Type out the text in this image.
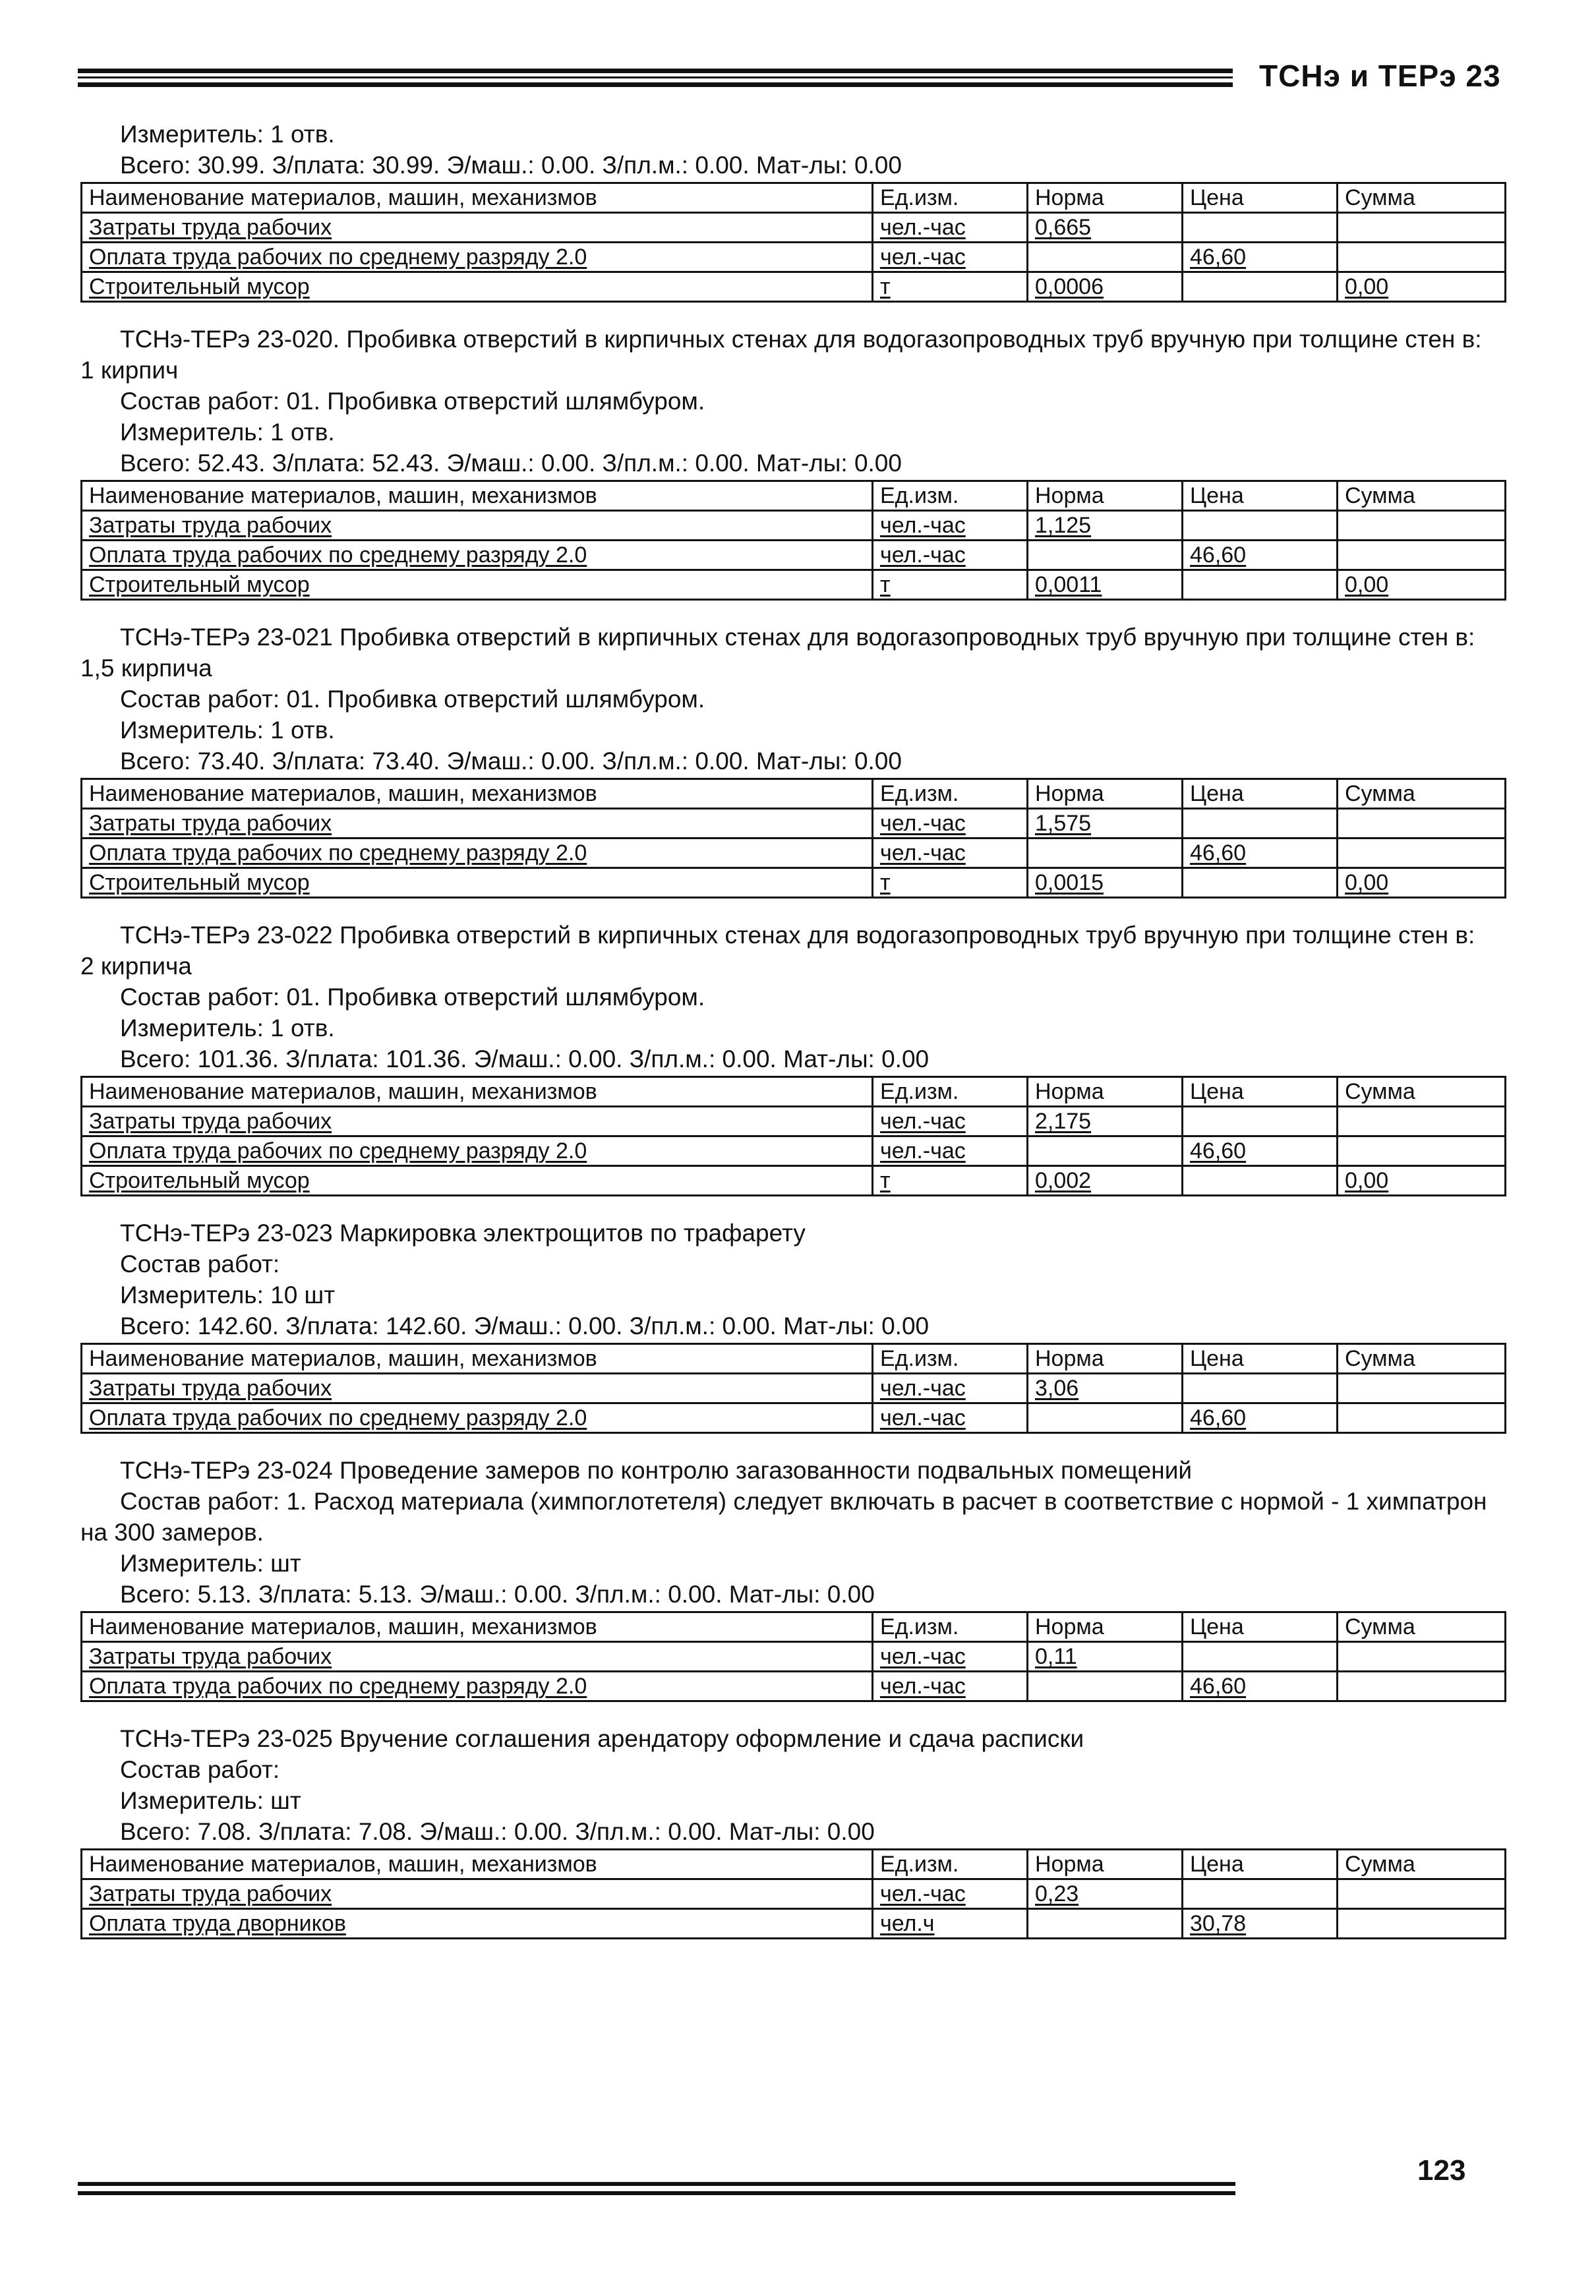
ТСНэ и ТЕРэ 23
Измеритель: 1 отв.
Всего: 30.99. З/плата: 30.99. Э/маш.: 0.00. З/пл.м.: 0.00. Мат-лы: 0.00
Наименование материалов, машин, механизмов	Ед.изм.	Норма	Цена	Сумма
Затраты труда рабочих	чел.-час	0,665		
Оплата труда рабочих по среднему разряду 2.0	чел.-час		46,60	
Строительный мусор	т	0,0006		0,00
ТСНэ-ТЕРэ 23-020. Пробивка отверстий в кирпичных стенах для водогазопроводных труб вручную при толщине стен в:
1 кирпич
Состав работ: 01. Пробивка отверстий шлямбуром.
Измеритель: 1 отв.
Всего: 52.43. З/плата: 52.43. Э/маш.: 0.00. З/пл.м.: 0.00. Мат-лы: 0.00
Наименование материалов, машин, механизмов	Ед.изм.	Норма	Цена	Сумма
Затраты труда рабочих	чел.-час	1,125		
Оплата труда рабочих по среднему разряду 2.0	чел.-час		46,60	
Строительный мусор	т	0,0011		0,00
ТСНэ-ТЕРэ 23-021 Пробивка отверстий в кирпичных стенах для водогазопроводных труб вручную при толщине стен в:
1,5 кирпича
Состав работ: 01. Пробивка отверстий шлямбуром.
Измеритель: 1 отв.
Всего: 73.40. З/плата: 73.40. Э/маш.: 0.00. З/пл.м.: 0.00. Мат-лы: 0.00
Наименование материалов, машин, механизмов	Ед.изм.	Норма	Цена	Сумма
Затраты труда рабочих	чел.-час	1,575		
Оплата труда рабочих по среднему разряду 2.0	чел.-час		46,60	
Строительный мусор	т	0,0015		0,00
ТСНэ-ТЕРэ 23-022 Пробивка отверстий в кирпичных стенах для водогазопроводных труб вручную при толщине стен в:
2 кирпича
Состав работ: 01. Пробивка отверстий шлямбуром.
Измеритель: 1 отв.
Всего: 101.36. З/плата: 101.36. Э/маш.: 0.00. З/пл.м.: 0.00. Мат-лы: 0.00
Наименование материалов, машин, механизмов	Ед.изм.	Норма	Цена	Сумма
Затраты труда рабочих	чел.-час	2,175		
Оплата труда рабочих по среднему разряду 2.0	чел.-час		46,60	
Строительный мусор	т	0,002		0,00
ТСНэ-ТЕРэ 23-023 Маркировка электрощитов по трафарету
Состав работ:
Измеритель: 10 шт
Всего: 142.60. З/плата: 142.60. Э/маш.: 0.00. З/пл.м.: 0.00. Мат-лы: 0.00
Наименование материалов, машин, механизмов	Ед.изм.	Норма	Цена	Сумма
Затраты труда рабочих	чел.-час	3,06		
Оплата труда рабочих по среднему разряду 2.0	чел.-час		46,60	
ТСНэ-ТЕРэ 23-024 Проведение замеров по контролю загазованности подвальных помещений
Состав работ: 1. Расход материала (химпоглотетеля) следует включать в расчет в соответствие с нормой - 1 химпатрон
на 300 замеров.
Измеритель: шт
Всего: 5.13. З/плата: 5.13. Э/маш.: 0.00. З/пл.м.: 0.00. Мат-лы: 0.00
Наименование материалов, машин, механизмов	Ед.изм.	Норма	Цена	Сумма
Затраты труда рабочих	чел.-час	0,11		
Оплата труда рабочих по среднему разряду 2.0	чел.-час		46,60	
ТСНэ-ТЕРэ 23-025 Вручение соглашения арендатору оформление и сдача расписки
Состав работ:
Измеритель: шт
Всего: 7.08. З/плата: 7.08. Э/маш.: 0.00. З/пл.м.: 0.00. Мат-лы: 0.00
Наименование материалов, машин, механизмов	Ед.изм.	Норма	Цена	Сумма
Затраты труда рабочих	чел.-час	0,23		
Оплата труда дворников	чел.ч		30,78	
123
